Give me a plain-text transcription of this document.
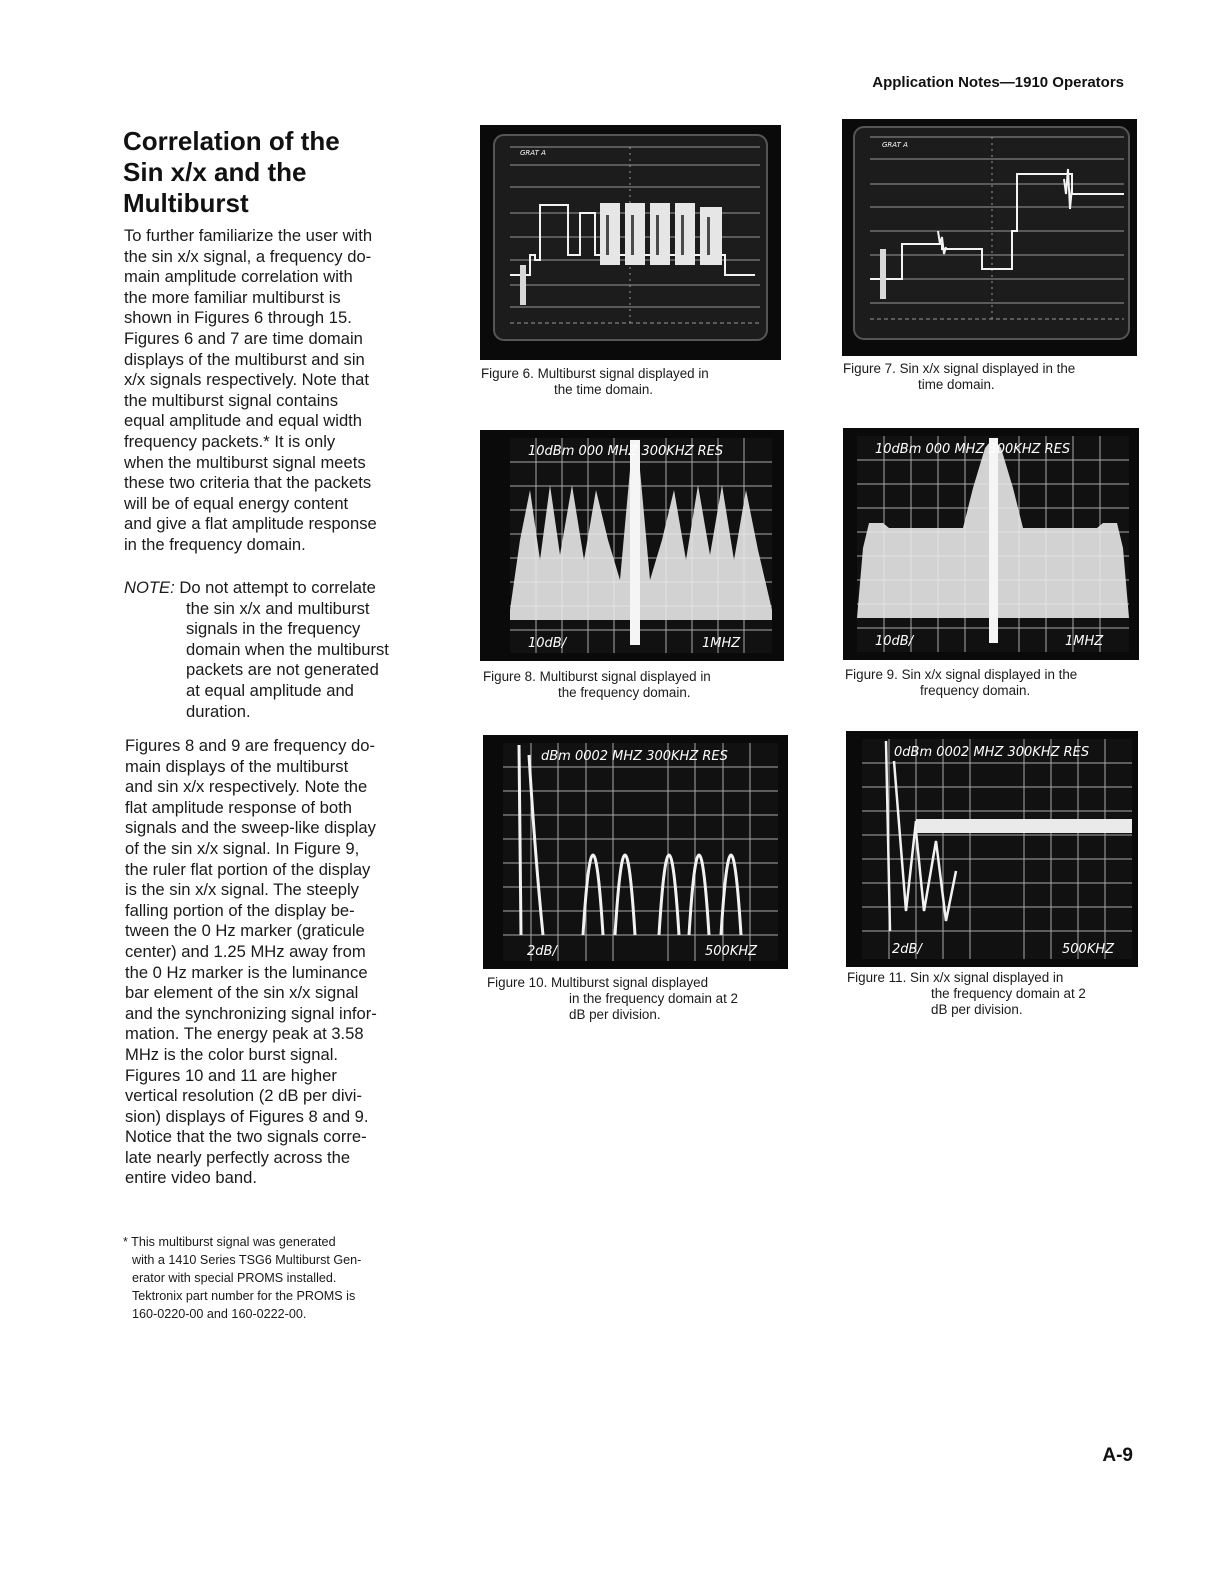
Application Notes—1910 Operators
Correlation of the
Sin x/x and the
Multiburst
To further familiarize the user with
the sin x/x signal, a frequency do-
main amplitude correlation with
the more familiar multiburst is
shown in Figures 6 through 15.
Figures 6 and 7 are time domain
displays of the multiburst and sin
x/x signals respectively. Note that
the multiburst signal contains
equal amplitude and equal width
frequency packets.* It is only
when the multiburst signal meets
these two criteria that the packets
will be of equal energy content
and give a flat amplitude response
in the frequency domain.
NOTE: Do not attempt to correlate
the sin x/x and multiburst
signals in the frequency
domain when the multiburst
packets are not generated
at equal amplitude and
duration.
Figures 8 and 9 are frequency do-
main displays of the multiburst
and sin x/x respectively. Note the
flat amplitude response of both
signals and the sweep-like display
of the sin x/x signal. In Figure 9,
the ruler flat portion of the display
is the sin x/x signal. The steeply
falling portion of the display be-
tween the 0 Hz marker (graticule
center) and 1.25 MHz away from
the 0 Hz marker is the luminance
bar element of the sin x/x signal
and the synchronizing signal infor-
mation. The energy peak at 3.58
MHz is the color burst signal.
Figures 10 and 11 are higher
vertical resolution (2 dB per divi-
sion) displays of Figures 8 and 9.
Notice that the two signals corre-
late nearly perfectly across the
entire video band.
* This multiburst signal was generated
with a 1410 Series TSG6 Multiburst Gen-
erator with special PROMS installed.
Tektronix part number for the PROMS is
160-0220-00 and 160-0222-00.
GRAT A
Figure 6. Multiburst signal displayed in
the time domain.
GRAT A
Figure 7. Sin x/x signal displayed in the
time domain.
10dBm 000 MHZ 300KHZ RES
10dB/	1MHZ
Figure 8. Multiburst signal displayed in
the frequency domain.
10dBm 000 MHZ 300KHZ RES
10dB/	1MHZ
Figure 9. Sin x/x signal displayed in the
frequency domain.
dBm 0002 MHZ 300KHZ RES
2dB/	500KHZ
Figure 10. Multiburst signal displayed
in the frequency domain at 2
dB per division.
0dBm 0002 MHZ 300KHZ RES
2dB/	500KHZ
Figure 11. Sin x/x signal displayed in
the frequency domain at 2
dB per division.
A-9
